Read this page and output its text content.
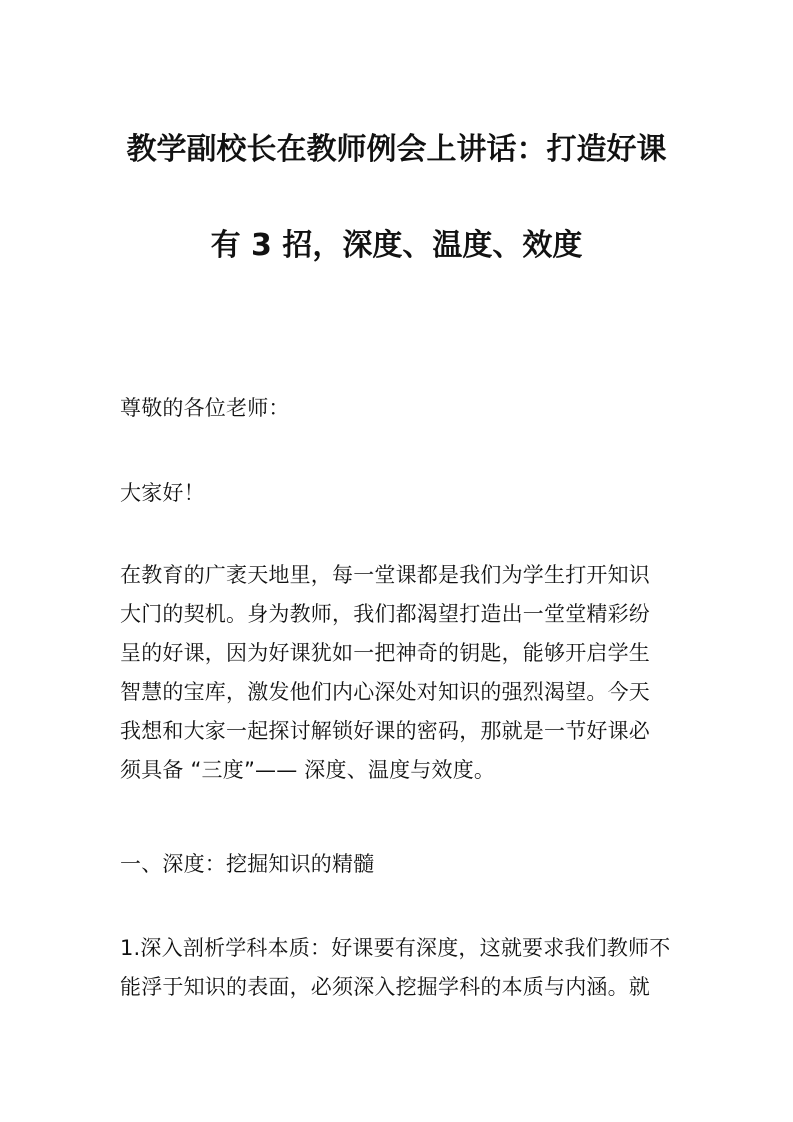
教学副校长在教师例会上讲话：打造好课
有 3 招，深度、温度、效度
尊敬的各位老师：
大家好！
在教育的广袤天地里，每一堂课都是我们为学生打开知识
大门的契机。身为教师，我们都渴望打造出一堂堂精彩纷
呈的好课，因为好课犹如一把神奇的钥匙，能够开启学生
智慧的宝库，激发他们内心深处对知识的强烈渴望。今天
我想和大家一起探讨解锁好课的密码，那就是一节好课必
须具备 “三度”—— 深度、温度与效度。
一、深度：挖掘知识的精髓
1.深入剖析学科本质：好课要有深度，这就要求我们教师不
能浮于知识的表面，必须深入挖掘学科的本质与内涵。就
